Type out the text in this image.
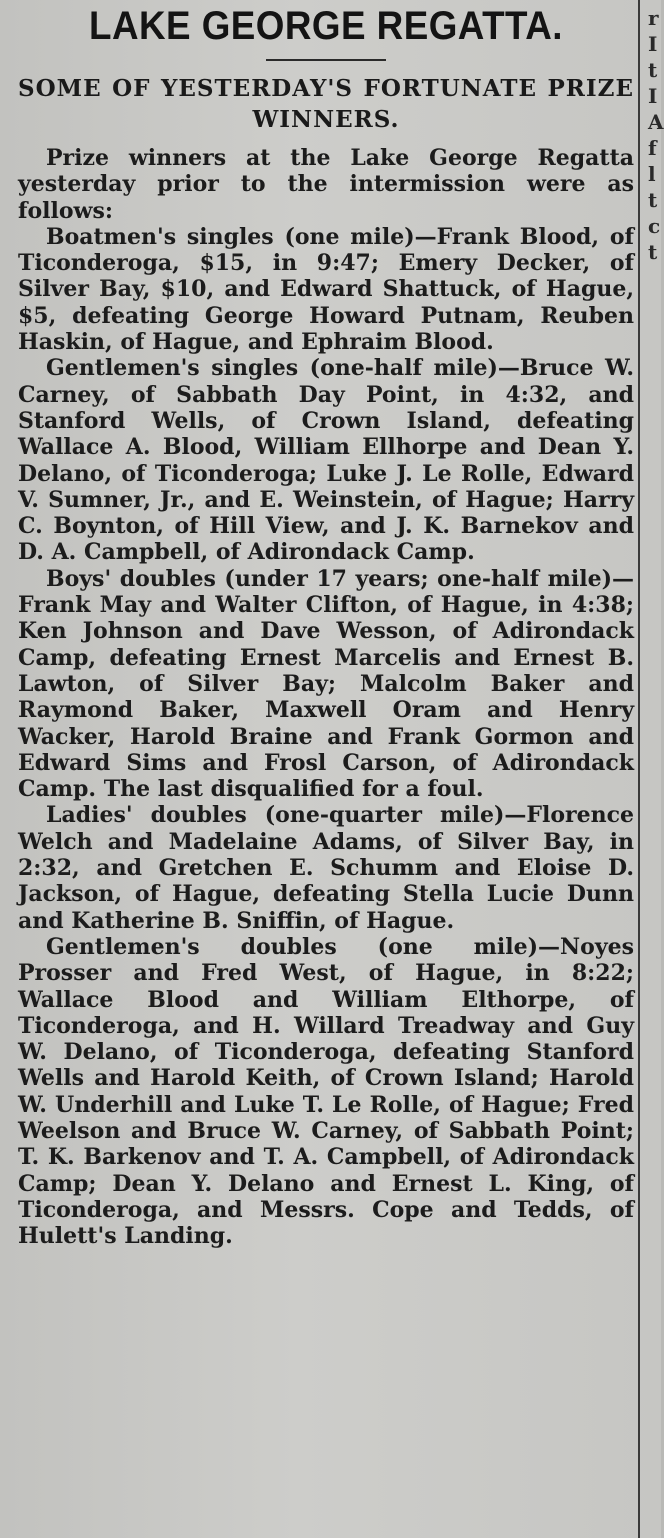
LAKE GEORGE REGATTA.
SOME OF YESTERDAY'S FORTUNATE PRIZE WINNERS.

Prize winners at the Lake George Regatta yesterday prior to the intermission were as follows:

Boatmen's singles (one mile)—Frank Blood, of Ticonderoga, $15, in 9:47; Emery Decker, of Silver Bay, $10, and Edward Shattuck, of Hague, $5, defeating George Howard Putnam, Reuben Haskin, of Hague, and Ephraim Blood.

Gentlemen's singles (one-half mile)—Bruce W. Carney, of Sabbath Day Point, in 4:32, and Stanford Wells, of Crown Island, defeating Wallace A. Blood, William Ellhorpe and Dean Y. Delano, of Ticonderoga; Luke J. Le Rolle, Edward V. Sumner, Jr., and E. Weinstein, of Hague; Harry C. Boynton, of Hill View, and J. K. Barnekov and D. A. Campbell, of Adirondack Camp.

Boys' doubles (under 17 years; one-half mile)—Frank May and Walter Clifton, of Hague, in 4:38; Ken Johnson and Dave Wesson, of Adirondack Camp, defeating Ernest Marcelis and Ernest B. Lawton, of Silver Bay; Malcolm Baker and Raymond Baker, Maxwell Oram and Henry Wacker, Harold Braine and Frank Gormon and Edward Sims and Frosl Carson, of Adirondack Camp. The last disqualified for a foul.

Ladies' doubles (one-quarter mile)—Florence Welch and Madelaine Adams, of Silver Bay, in 2:32, and Gretchen E. Schumm and Eloise D. Jackson, of Hague, defeating Stella Lucie Dunn and Katherine B. Sniffin, of Hague.

Gentlemen's doubles (one mile)—Noyes Prosser and Fred West, of Hague, in 8:22; Wallace Blood and William Elthorpe, of Ticonderoga, and H. Willard Treadway and Guy W. Delano, of Ticonderoga, defeating Stanford Wells and Harold Keith, of Crown Island; Harold W. Underhill and Luke T. Le Rolle, of Hague; Fred Weelson and Bruce W. Carney, of Sabbath Point; T. K. Barkenov and T. A. Campbell, of Adirondack Camp; Dean Y. Delano and Ernest L. King, of Ticonderoga, and Messrs. Cope and Tedds, of Hulett's Landing.

r
I
t
I
A
f
l
t
c
t
